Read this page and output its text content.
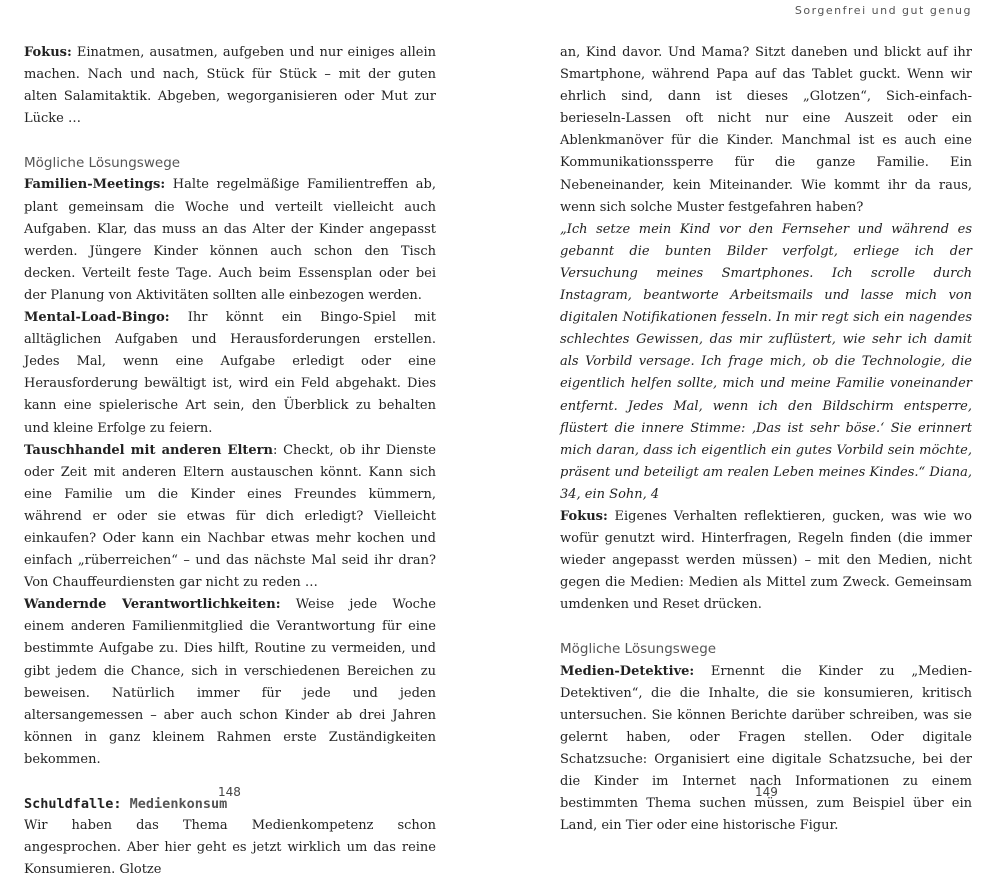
Sorgenfrei und gut genug

Fokus: Einatmen, ausatmen, aufgeben und nur einiges allein machen. Nach und nach, Stück für Stück – mit der guten alten Salamitaktik. Abgeben, wegorganisieren oder Mut zur Lücke …

Mögliche Lösungswege

Familien-Meetings: Halte regelmäßige Familientreffen ab, plant gemeinsam die Woche und verteilt vielleicht auch Aufgaben. Klar, das muss an das Alter der Kinder angepasst werden. Jüngere Kinder können auch schon den Tisch decken. Verteilt feste Tage. Auch beim Essensplan oder bei der Planung von Aktivitäten sollten alle einbezogen werden.

Mental-Load-Bingo: Ihr könnt ein Bingo-Spiel mit alltäglichen Aufgaben und Herausforderungen erstellen. Jedes Mal, wenn eine Aufgabe erledigt oder eine Herausforderung bewältigt ist, wird ein Feld abgehakt. Dies kann eine spielerische Art sein, den Überblick zu behalten und kleine Erfolge zu feiern.

Tauschhandel mit anderen Eltern: Checkt, ob ihr Dienste oder Zeit mit anderen Eltern austauschen könnt. Kann sich eine Familie um die Kinder eines Freundes kümmern, während er oder sie etwas für dich erledigt? Vielleicht einkaufen? Oder kann ein Nachbar etwas mehr kochen und einfach „rüberreichen“ – und das nächste Mal seid ihr dran? Von Chauffeurdiensten gar nicht zu reden …

Wandernde Verantwortlichkeiten: Weise jede Woche einem anderen Familienmitglied die Verantwortung für eine bestimmte Aufgabe zu. Dies hilft, Routine zu vermeiden, und gibt jedem die Chance, sich in verschiedenen Bereichen zu beweisen. Natürlich immer für jede und jeden altersangemessen – aber auch schon Kinder ab drei Jahren können in ganz kleinem Rahmen erste Zuständigkeiten bekommen.

Schuldfalle: Medienkonsum

Wir haben das Thema Medienkompetenz schon angesprochen. Aber hier geht es jetzt wirklich um das reine Konsumieren. Glotze

an, Kind davor. Und Mama? Sitzt daneben und blickt auf ihr Smartphone, während Papa auf das Tablet guckt. Wenn wir ehrlich sind, dann ist dieses „Glotzen“, Sich-einfach-berieseln-Lassen oft nicht nur eine Auszeit oder ein Ablenkmanöver für die Kinder. Manchmal ist es auch eine Kommunikationssperre für die ganze Familie. Ein Nebeneinander, kein Miteinander. Wie kommt ihr da raus, wenn sich solche Muster festgefahren haben?

„Ich setze mein Kind vor den Fernseher und während es gebannt die bunten Bilder verfolgt, erliege ich der Versuchung meines Smartphones. Ich scrolle durch Instagram, beantworte Arbeitsmails und lasse mich von digitalen Notifikationen fesseln. In mir regt sich ein nagendes schlechtes Gewissen, das mir zuflüstert, wie sehr ich damit als Vorbild versage. Ich frage mich, ob die Technologie, die eigentlich helfen sollte, mich und meine Familie voneinander entfernt. Jedes Mal, wenn ich den Bildschirm entsperre, flüstert die innere Stimme: ‚Das ist sehr böse.‘ Sie erinnert mich daran, dass ich eigentlich ein gutes Vorbild sein möchte, präsent und beteiligt am realen Leben meines Kindes.“ Diana, 34, ein Sohn, 4

Fokus: Eigenes Verhalten reflektieren, gucken, was wie wo wofür genutzt wird. Hinterfragen, Regeln finden (die immer wieder angepasst werden müssen) – mit den Medien, nicht gegen die Medien: Medien als Mittel zum Zweck. Gemeinsam umdenken und Reset drücken.

Mögliche Lösungswege

Medien-Detektive: Ernennt die Kinder zu „Medien-Detektiven“, die die Inhalte, die sie konsumieren, kritisch untersuchen. Sie können Berichte darüber schreiben, was sie gelernt haben, oder Fragen stellen. Oder digitale Schatzsuche: Organisiert eine digitale Schatzsuche, bei der die Kinder im Internet nach Informationen zu einem bestimmten Thema suchen müssen, zum Beispiel über ein Land, ein Tier oder eine historische Figur.

148	149
